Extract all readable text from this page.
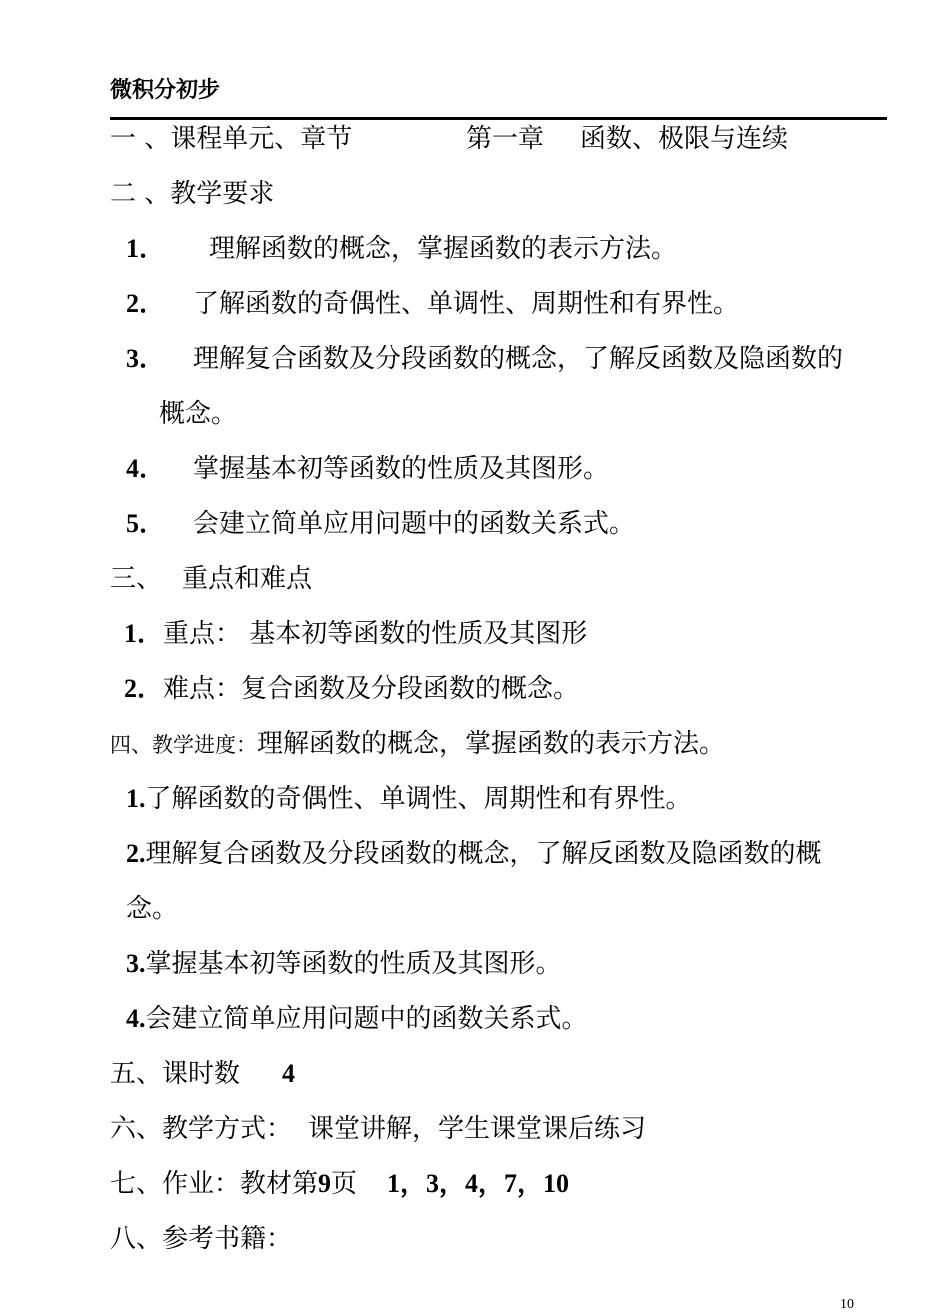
微积分初步
一 、课程单元、章节	第一章 函数、极限与连续
二 、教学要求
1． 理解函数的概念，掌握函数的表示方法。
2． 了解函数的奇偶性、单调性、周期性和有界性。
3． 理解复合函数及分段函数的概念，了解反函数及隐函数的
概念。
4． 掌握基本初等函数的性质及其图形。
5． 会建立简单应用问题中的函数关系式。
三、 重点和难点
1．重点： 基本初等函数的性质及其图形
2．难点：复合函数及分段函数的概念。
四、教学进度：理解函数的概念，掌握函数的表示方法。
1.了解函数的奇偶性、单调性、周期性和有界性。
2.理解复合函数及分段函数的概念，了解反函数及隐函数的概
念。
3.掌握基本初等函数的性质及其图形。
4.会建立简单应用问题中的函数关系式。
五、课时数 4
六、教学方式： 课堂讲解，学生课堂课后练习
七、作业：教材第9页 1，3，4，7，10
八、参考书籍：
10
